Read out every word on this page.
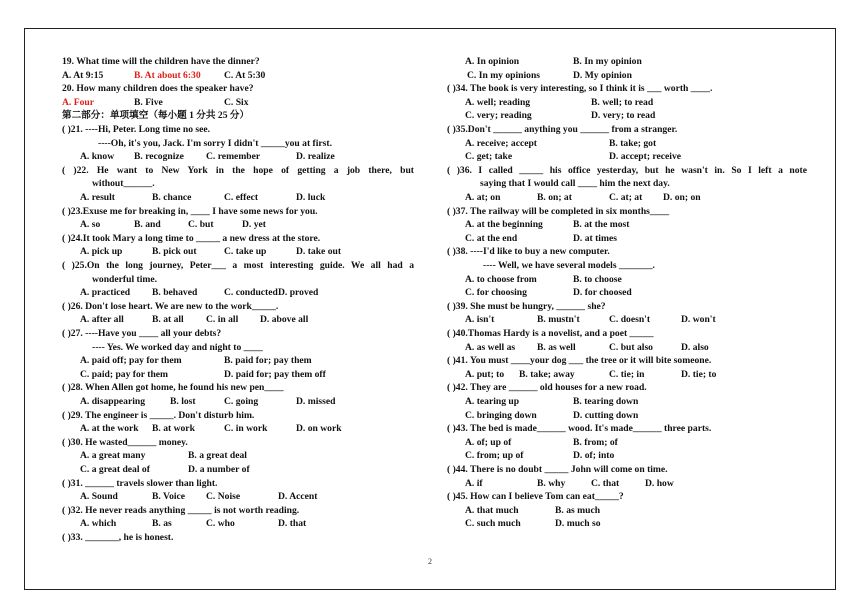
19. What time will the children have the dinner?
A. At 9:15	B. At about 6:30 C. At 5:30
20. How many children does the speaker have?
A. Four	B. Five	C. Six
第二部分：单项填空（每小题 1 分共 25 分）
( )21. ----Hi, Peter. Long time no see.
----Oh, it's you, Jack. I'm sorry I didn't _____you at first.
A. know B. recognize C. remember	D. realize
( )22. He want to New York in the hope of getting a job there, but
without______.
A. result	B. chance	C. effect	D. luck
( )23.Exuse me for breaking in, ____ I have some news for you.
A. so	B. and	C. but	D. yet
( )24.It took Mary a long time to _____ a new dress at the store.
A. pick up	B. pick out	C. take up	D. take out
( )25.On the long journey, Peter___ a most interesting guide. We all had a
wonderful time.
A. practiced B. behaved	C. conducted D. proved
( )26. Don't lose heart. We are new to the work_____.
A. after all	B. at all C. in all D. above all
( )27. ----Have you ____ all your debts?
---- Yes. We worked day and night to ____
A. paid off; pay for them	B. paid for; pay them
C. paid; pay for them	D. paid for; pay them off
( )28. When Allen got home, he found his new pen____
A. disappearing	B. lost	C. going	D. missed
( )29. The engineer is _____. Don't disturb him.
A. at the work B. at work	C. in work	D. on work
( )30. He wasted______ money.
A. a great many	B. a great deal
C. a great deal of	D. a number of
( )31. ______ travels slower than light.
A. Sound	B. Voice C. Noise	D. Accent
( )32. He never reads anything _____ is not worth reading.
A. which	B. as	C. who	D. that
( )33. _______, he is honest.
A. In opinion	B. In my opinion
C. In my opinions	D. My opinion
( )34. The book is very interesting, so I think it is ___ worth ____.
A. well; reading	B. well; to read
C. very; reading	D. very; to read
( )35.Don't ______ anything you ______ from a stranger.
A. receive; accept	B. take; got
C. get; take	D. accept; receive
( )36. I called _____ his office yesterday, but he wasn't in. So I left a note
saying that I would call ____ him the next day.
A. at; on	B. on; at	C. at; at D. on; on
( )37. The railway will be completed in six months____
A. at the beginning	B. at the most
C. at the end	D. at times
( )38. ----I'd like to buy a new computer.
---- Well, we have several models _______.
A. to choose from	B. to choose
C. for choosing	D. for choosed
( )39. She must be hungry, ______ she?
A. isn't	B. mustn't	C. doesn't	D. won't
( )40.Thomas Hardy is a novelist, and a poet _____
A. as well as B. as well	C. but also	D. also
( )41. You must ____your dog ___ the tree or it will bite someone.
A. put; to B. take; away	C. tie; in	D. tie; to
( )42. They are ______ old houses for a new road.
A. tearing up	B. tearing down
C. bringing down	D. cutting down
( )43. The bed is made______ wood. It's made______ three parts.
A. of; up of	B. from; of
C. from; up of	D. of; into
( )44. There is no doubt _____ John will come on time.
A. if	B. why	C. that	D. how
( )45. How can I believe Tom can eat_____?
A. that much	B. as much
C. such much	D. much so
2
